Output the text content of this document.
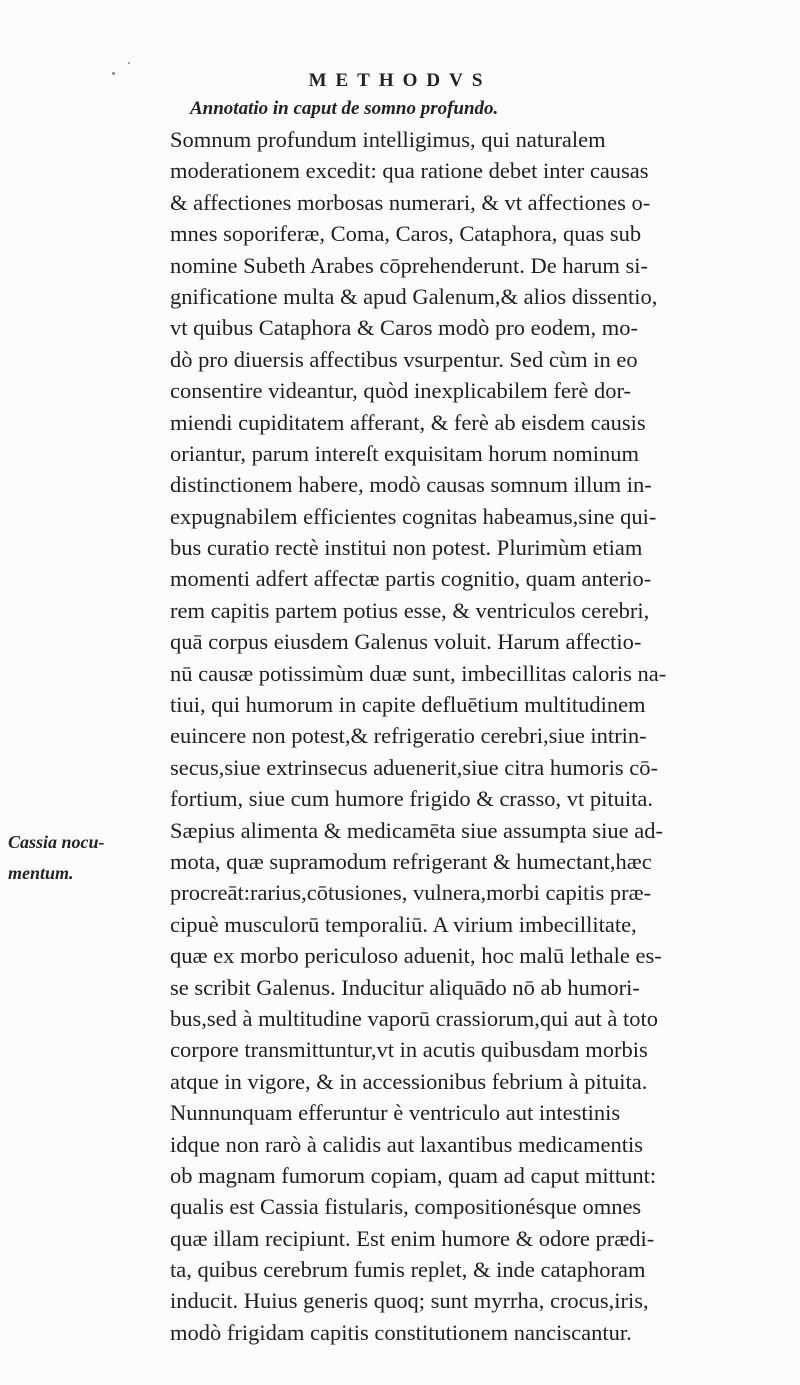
METHODVS
Annotatio in caput de somno profundo.
Cassia nocu-
mentum.
Somnum profundum intelligimus, qui naturalem
moderationem excedit: qua ratione debet inter causas
& affectiones morbosas numerari, & vt affectiones o-
mnes soporiferæ, Coma, Caros, Cataphora, quas sub
nomine Subeth Arabes cōprehenderunt. De harum si-
gnificatione multa & apud Galenum,& alios dissentio,
vt quibus Cataphora & Caros modò pro eodem, mo-
dò pro diuersis affectibus vsurpentur. Sed cùm in eo
consentire videantur, quòd inexplicabilem ferè dor-
miendi cupiditatem afferant, & ferè ab eisdem causis
oriantur, parum intereſt exquisitam horum nominum
distinctionem habere, modò causas somnum illum in-
expugnabilem efficientes cognitas habeamus,sine qui-
bus curatio rectè institui non potest. Plurimùm etiam
momenti adfert affectæ partis cognitio, quam anterio-
rem capitis partem potius esse, & ventriculos cerebri,
quā corpus eiusdem Galenus voluit. Harum affectio-
nū causæ potissimùm duæ sunt, imbecillitas caloris na-
tiui, qui humorum in capite defluētium multitudinem
euincere non potest,& refrigeratio cerebri,siue intrin-
secus,siue extrinsecus aduenerit,siue citra humoris cō-
fortium, siue cum humore frigido & crasso, vt pituita.
Sæpius alimenta & medicamēta siue assumpta siue ad-
mota, quæ supramodum refrigerant & humectant,hæc
procreāt:rarius,cōtusiones, vulnera,morbi capitis præ-
cipuè musculorū temporaliū. A virium imbecillitate,
quæ ex morbo periculoso aduenit, hoc malū lethale es-
se scribit Galenus. Inducitur aliquādo nō ab humori-
bus,sed à multitudine vaporū crassiorum,qui aut à toto
corpore transmittuntur,vt in acutis quibusdam morbis
atque in vigore, & in accessionibus febrium à pituita.
Nunnunquam efferuntur è ventriculo aut intestinis
idque non rarò à calidis aut laxantibus medicamentis
ob magnam fumorum copiam, quam ad caput mittunt:
qualis est Cassia fistularis, compositionésque omnes
quæ illam recipiunt. Est enim humore & odore prædi-
ta, quibus cerebrum fumis replet, & inde cataphoram
inducit. Huius generis quoq; sunt myrrha, crocus,iris,
modò frigidam capitis constitutionem nanciscantur.
